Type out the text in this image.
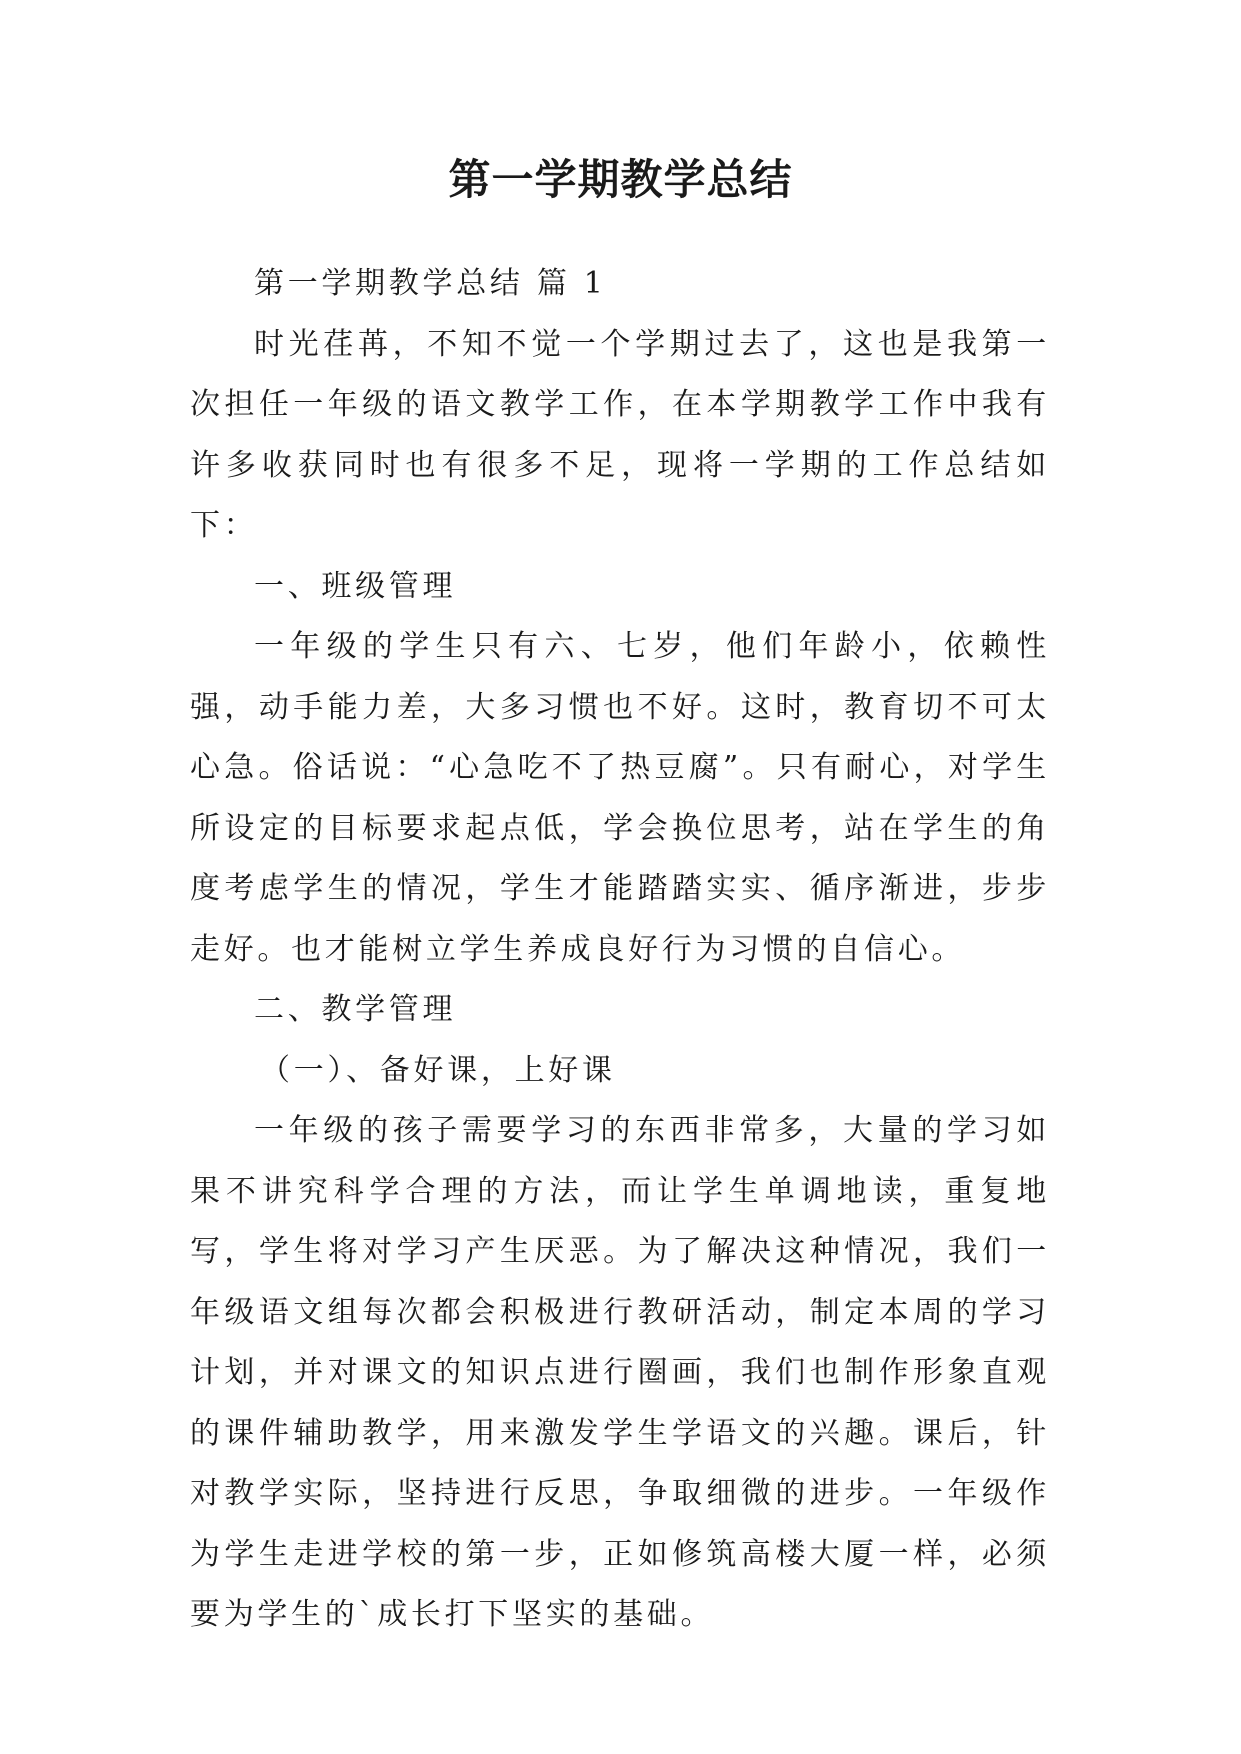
第一学期教学总结

第一学期教学总结 篇 1

时光荏苒，不知不觉一个学期过去了，这也是我第一次担任一年级的语文教学工作，在本学期教学工作中我有许多收获同时也有很多不足，现将一学期的工作总结如下：

一、班级管理

一年级的学生只有六、七岁，他们年龄小，依赖性强，动手能力差，大多习惯也不好。这时，教育切不可太心急。俗话说：“心急吃不了热豆腐”。只有耐心，对学生所设定的目标要求起点低，学会换位思考，站在学生的角度考虑学生的情况，学生才能踏踏实实、循序渐进，步步走好。也才能树立学生养成良好行为习惯的自信心。

二、教学管理

（一）、备好课，上好课

一年级的孩子需要学习的东西非常多，大量的学习如果不讲究科学合理的方法，而让学生单调地读，重复地写，学生将对学习产生厌恶。为了解决这种情况，我们一年级语文组每次都会积极进行教研活动，制定本周的学习计划，并对课文的知识点进行圈画，我们也制作形象直观的课件辅助教学，用来激发学生学语文的兴趣。课后，针对教学实际，坚持进行反思，争取细微的进步。一年级作为学生走进学校的第一步，正如修筑高楼大厦一样，必须要为学生的`成长打下坚实的基础。
